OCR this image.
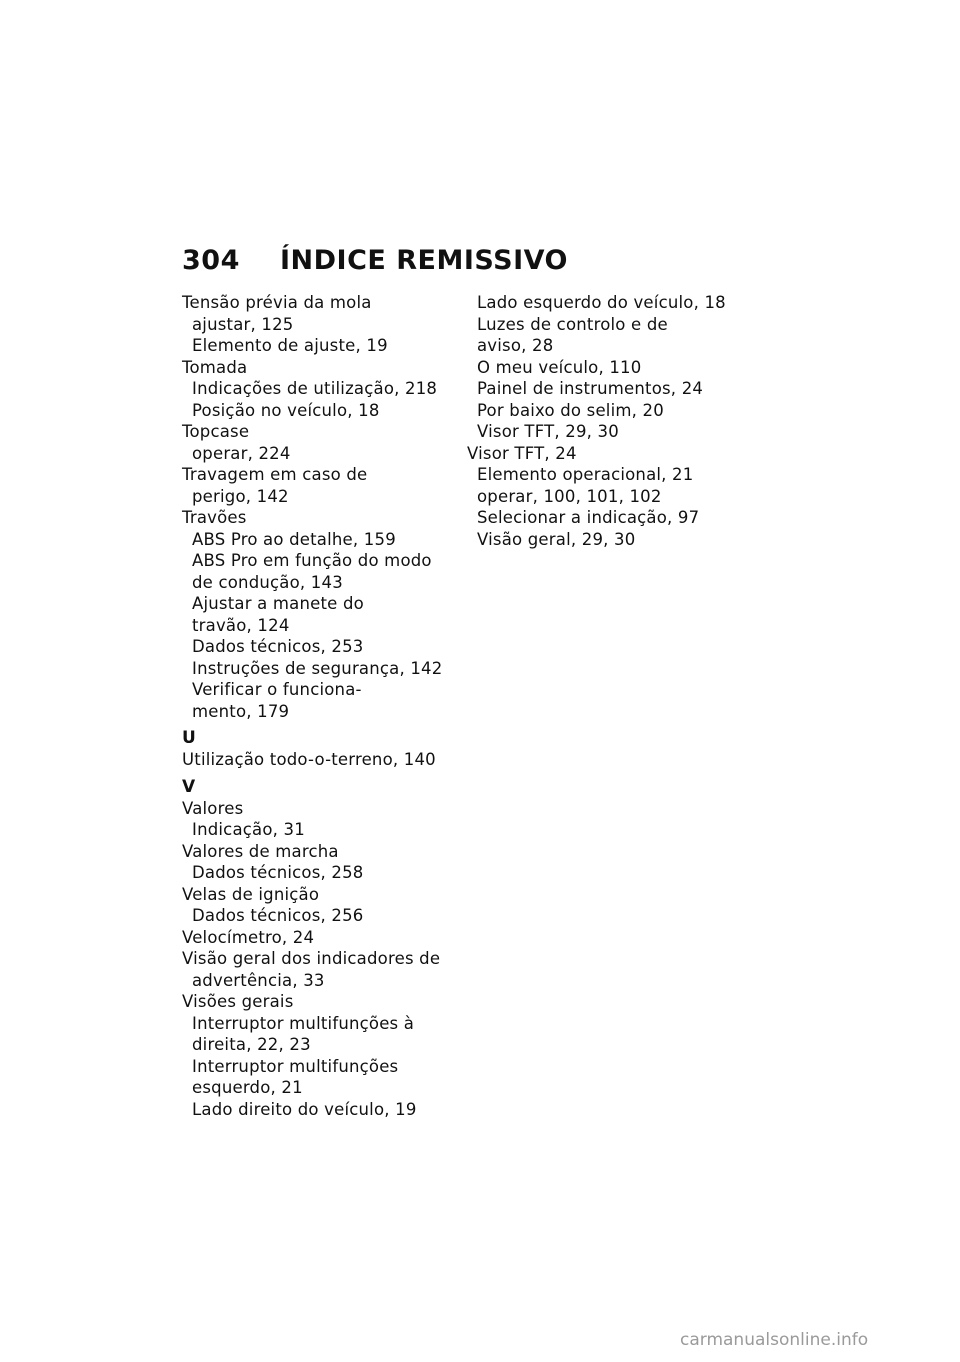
304 ÍNDICE REMISSIVO
Tensão prévia da mola
ajustar, 125
Elemento de ajuste, 19
Tomada
Indicações de utilização, 218
Posição no veículo, 18
Topcase
operar, 224
Travagem em caso de
perigo, 142
Travões
ABS Pro ao detalhe, 159
ABS Pro em função do modo
de condução, 143
Ajustar a manete do
travão, 124
Dados técnicos, 253
Instruções de segurança, 142
Verificar o funciona-
mento, 179
U
Utilização todo-o-terreno, 140
V
Valores
Indicação, 31
Valores de marcha
Dados técnicos, 258
Velas de ignição
Dados técnicos, 256
Velocímetro, 24
Visão geral dos indicadores de
advertência, 33
Visões gerais
Interruptor multifunções à
direita, 22, 23
Interruptor multifunções
esquerdo, 21
Lado direito do veículo, 19
Lado esquerdo do veículo, 18
Luzes de controlo e de
aviso, 28
O meu veículo, 110
Painel de instrumentos, 24
Por baixo do selim, 20
Visor TFT, 29, 30
Visor TFT, 24
Elemento operacional, 21
operar, 100, 101, 102
Selecionar a indicação, 97
Visão geral, 29, 30
carmanualsonline.info
